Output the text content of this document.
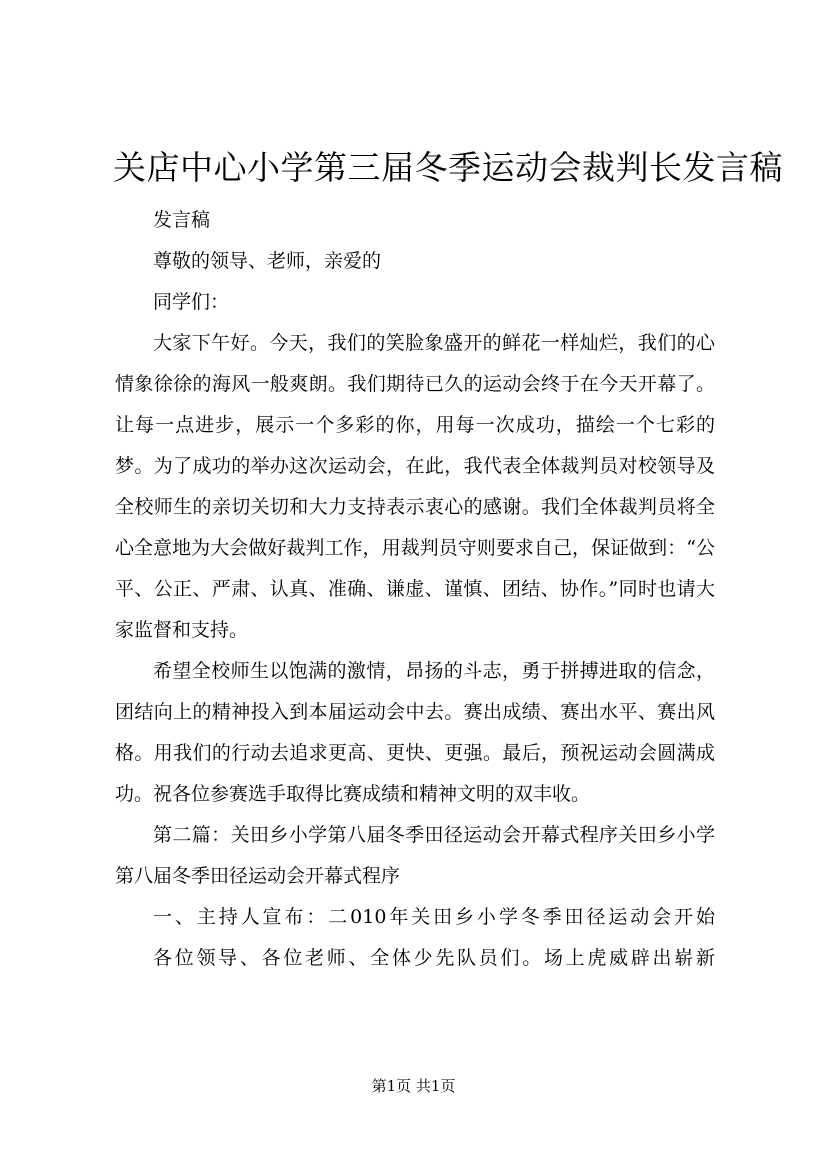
关店中心小学第三届冬季运动会裁判长发言稿

发言稿

尊敬的领导、老师，亲爱的

同学们：

大家下午好。今天，我们的笑脸象盛开的鲜花一样灿烂，我们的心情象徐徐的海风一般爽朗。我们期待已久的运动会终于在今天开幕了。让每一点进步，展示一个多彩的你，用每一次成功，描绘一个七彩的梦。为了成功的举办这次运动会，在此，我代表全体裁判员对校领导及全校师生的亲切关切和大力支持表示衷心的感谢。我们全体裁判员将全心全意地为大会做好裁判工作，用裁判员守则要求自己，保证做到：“公平、公正、严肃、认真、准确、谦虚、谨慎、团结、协作。”同时也请大家监督和支持。

希望全校师生以饱满的激情，昂扬的斗志，勇于拼搏进取的信念，团结向上的精神投入到本届运动会中去。赛出成绩、赛出水平、赛出风格。用我们的行动去追求更高、更快、更强。最后，预祝运动会圆满成功。祝各位参赛选手取得比赛成绩和精神文明的双丰收。

第二篇：关田乡小学第八届冬季田径运动会开幕式程序关田乡小学第八届冬季田径运动会开幕式程序

一、主持人宣布：二010年关田乡小学冬季田径运动会开始

各位领导、各位老师、全体少先队员们。场上虎威辟出崭新

第1页 共1页
